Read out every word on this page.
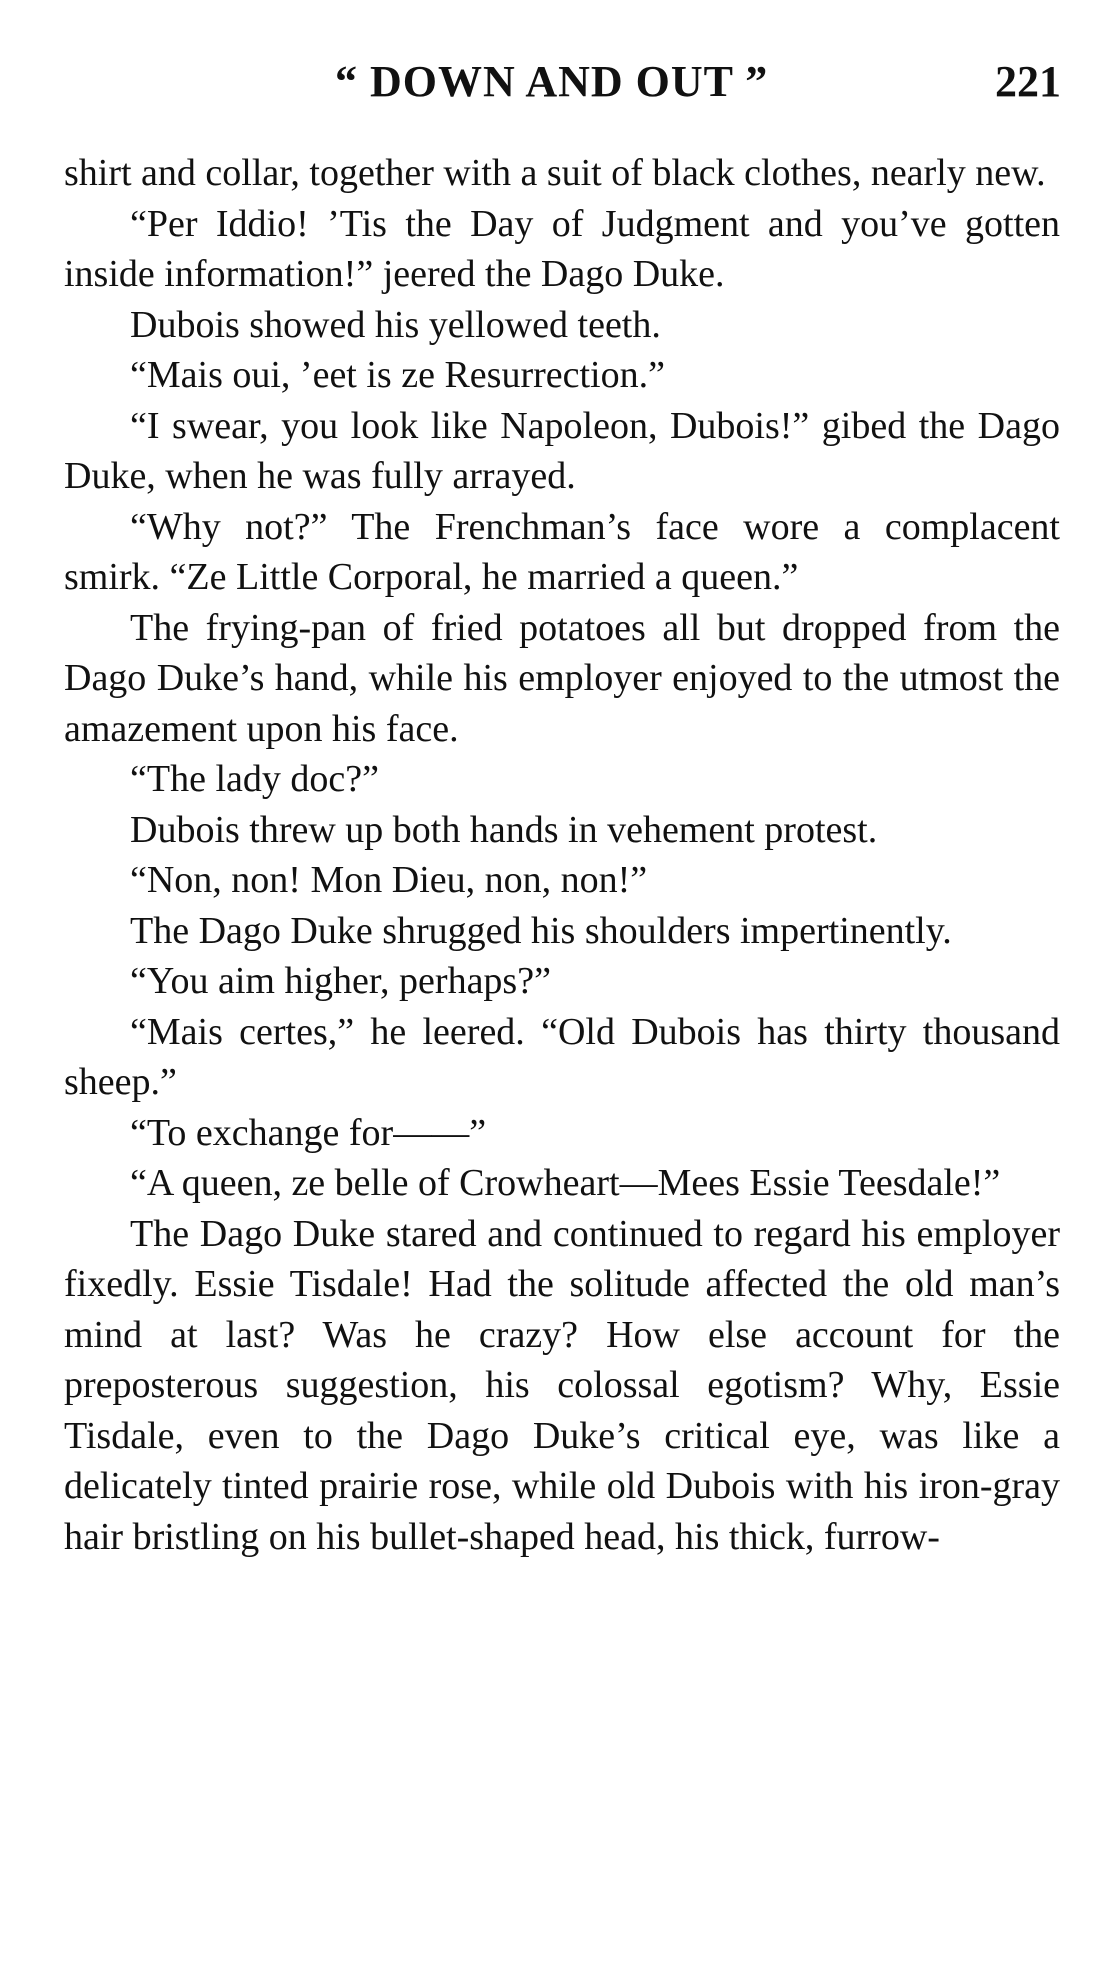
“ DOWN AND OUT ”	221

shirt and collar, together with a suit of black clothes, nearly new.

“Per Iddio! ’Tis the Day of Judgment and you’ve gotten inside information!” jeered the Dago Duke.

Dubois showed his yellowed teeth.

“Mais oui, ’eet is ze Resurrection.”

“I swear, you look like Napoleon, Dubois!” gibed the Dago Duke, when he was fully arrayed.

“Why not?” The Frenchman’s face wore a complacent smirk. “Ze Little Corporal, he married a queen.”

The frying-pan of fried potatoes all but dropped from the Dago Duke’s hand, while his employer enjoyed to the utmost the amazement upon his face.

“The lady doc?”

Dubois threw up both hands in vehement protest.

“Non, non! Mon Dieu, non, non!”

The Dago Duke shrugged his shoulders impertinently.

“You aim higher, perhaps?”

“Mais certes,” he leered. “Old Dubois has thirty thousand sheep.”

“To exchange for——”

“A queen, ze belle of Crowheart—Mees Essie Teesdale!”

The Dago Duke stared and continued to regard his employer fixedly. Essie Tisdale! Had the solitude affected the old man’s mind at last? Was he crazy? How else account for the preposterous suggestion, his colossal egotism? Why, Essie Tisdale, even to the Dago Duke’s critical eye, was like a delicately tinted prairie rose, while old Dubois with his iron-gray hair bristling on his bullet-shaped head, his thick, furrow-
